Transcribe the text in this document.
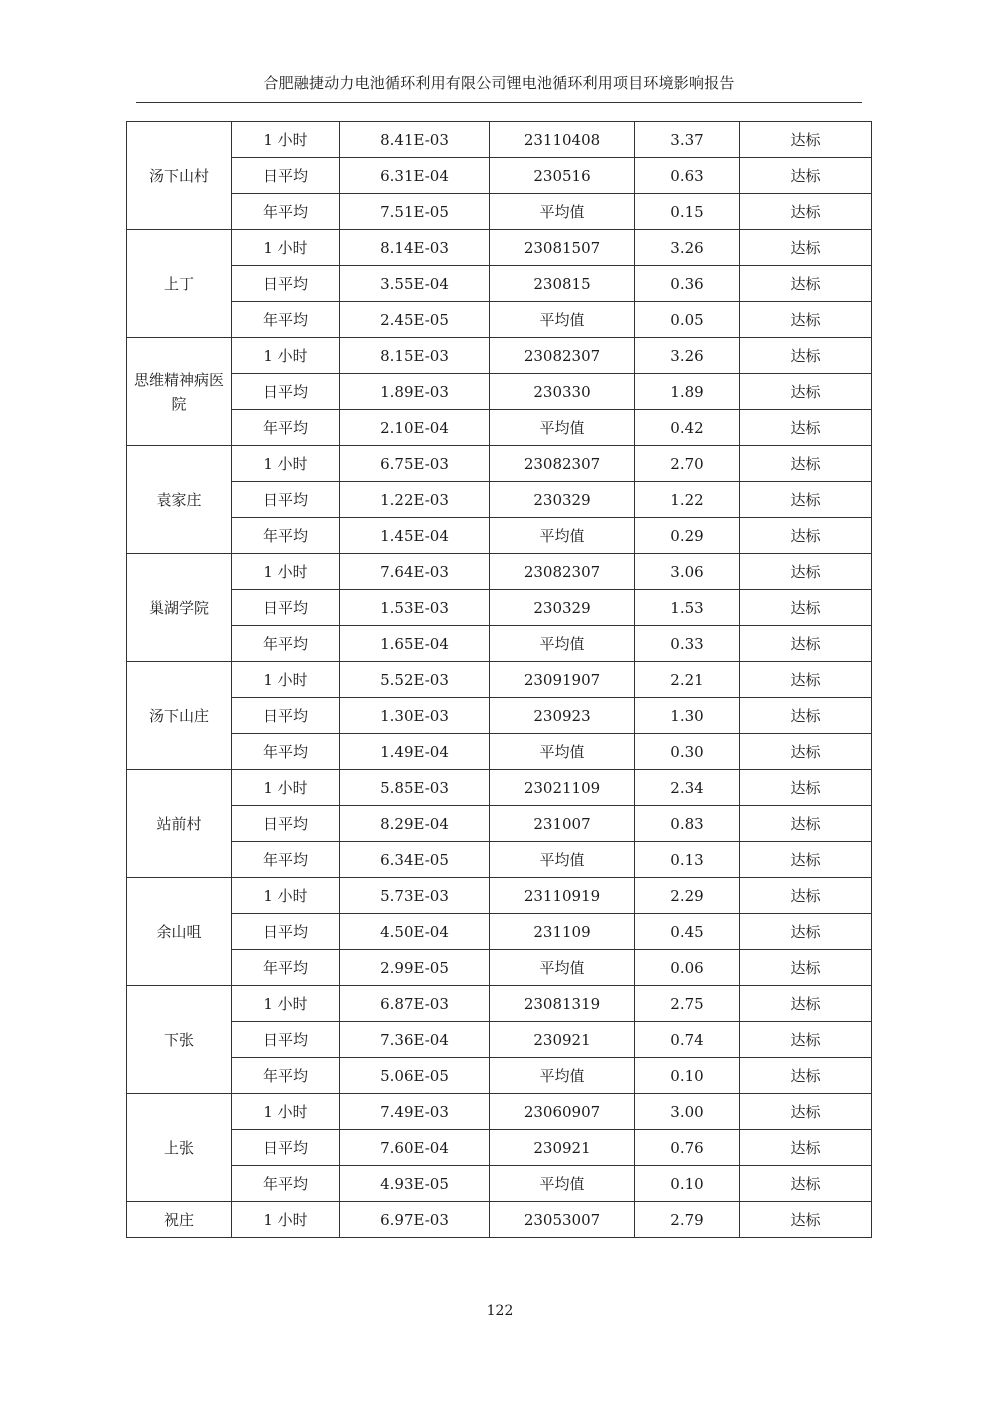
合肥融捷动力电池循环利用有限公司锂电池循环利用项目环境影响报告
汤下山村	1 小时	8.41E-03	23110408	3.37	达标
	日平均	6.31E-04	230516	0.63	达标
	年平均	7.51E-05	平均值	0.15	达标
上丁	1 小时	8.14E-03	23081507	3.26	达标
	日平均	3.55E-04	230815	0.36	达标
	年平均	2.45E-05	平均值	0.05	达标
思维精神病医院	1 小时	8.15E-03	23082307	3.26	达标
	日平均	1.89E-03	230330	1.89	达标
	年平均	2.10E-04	平均值	0.42	达标
袁家庄	1 小时	6.75E-03	23082307	2.70	达标
	日平均	1.22E-03	230329	1.22	达标
	年平均	1.45E-04	平均值	0.29	达标
巢湖学院	1 小时	7.64E-03	23082307	3.06	达标
	日平均	1.53E-03	230329	1.53	达标
	年平均	1.65E-04	平均值	0.33	达标
汤下山庄	1 小时	5.52E-03	23091907	2.21	达标
	日平均	1.30E-03	230923	1.30	达标
	年平均	1.49E-04	平均值	0.30	达标
站前村	1 小时	5.85E-03	23021109	2.34	达标
	日平均	8.29E-04	231007	0.83	达标
	年平均	6.34E-05	平均值	0.13	达标
余山咀	1 小时	5.73E-03	23110919	2.29	达标
	日平均	4.50E-04	231109	0.45	达标
	年平均	2.99E-05	平均值	0.06	达标
下张	1 小时	6.87E-03	23081319	2.75	达标
	日平均	7.36E-04	230921	0.74	达标
	年平均	5.06E-05	平均值	0.10	达标
上张	1 小时	7.49E-03	23060907	3.00	达标
	日平均	7.60E-04	230921	0.76	达标
	年平均	4.93E-05	平均值	0.10	达标
祝庄	1 小时	6.97E-03	23053007	2.79	达标
122
